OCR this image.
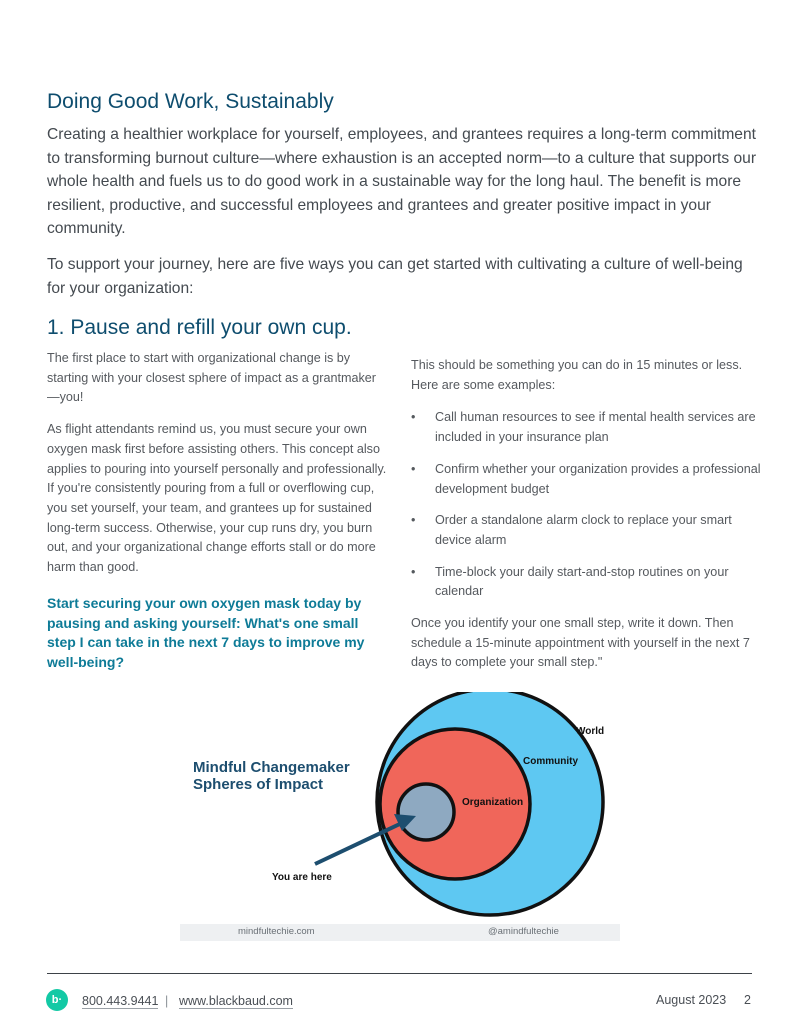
Doing Good Work, Sustainably

Creating a healthier workplace for yourself, employees, and grantees requires a long-term commitment to transforming burnout culture—where exhaustion is an accepted norm—to a culture that supports our whole health and fuels us to do good work in a sustainable way for the long haul. The benefit is more resilient, productive, and successful employees and grantees and greater positive impact in your community.

To support your journey, here are five ways you can get started with cultivating a culture of well-being for your organization:

1. Pause and refill your own cup.

The first place to start with organizational change is by starting with your closest sphere of impact as a grantmaker—you!

As flight attendants remind us, you must secure your own oxygen mask first before assisting others. This concept also applies to pouring into yourself personally and professionally. If you're consistently pouring from a full or overflowing cup, you set yourself, your team, and grantees up for sustained long-term success. Otherwise, your cup runs dry, you burn out, and your organizational change efforts stall or do more harm than good.

Start securing your own oxygen mask today by pausing and asking yourself: What's one small step I can take in the next 7 days to improve my well-being?

This should be something you can do in 15 minutes or less. Here are some examples:

• Call human resources to see if mental health services are included in your insurance plan
• Confirm whether your organization provides a professional development budget
• Order a standalone alarm clock to replace your smart device alarm
• Time-block your daily start-and-stop routines on your calendar

Once you identify your one small step, write it down. Then schedule a 15-minute appointment with yourself in the next 7 days to complete your small step."

Mindful Changemaker
Spheres of Impact
World
Community
Organization
You are here
mindfultechie.com	@amindfultechie
b·	800.443.9441 | www.blackbaud.com	August 2023 2
